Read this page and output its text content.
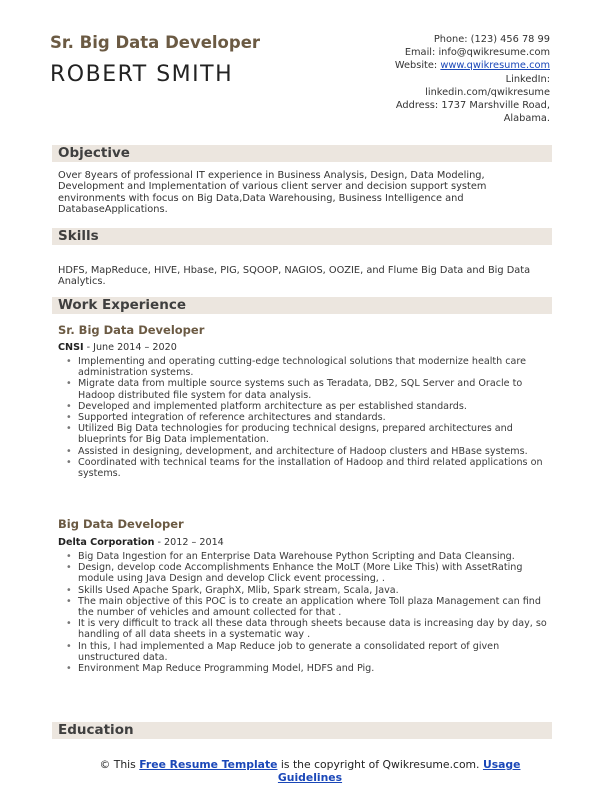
Sr. Big Data Developer
ROBERT SMITH
Phone: (123) 456 78 99
Email: info@qwikresume.com
Website: www.qwikresume.com
LinkedIn:
linkedin.com/qwikresume
Address: 1737 Marshville Road,
Alabama.
Objective
Over 8years of professional IT experience in Business Analysis, Design, Data Modeling, Development and Implementation of various client server and decision support system environments with focus on Big Data,Data Warehousing, Business Intelligence and DatabaseApplications.
Skills
HDFS, MapReduce, HIVE, Hbase, PIG, SQOOP, NAGIOS, OOZIE, and Flume Big Data and Big Data Analytics.
Work Experience
Sr. Big Data Developer
CNSI - June 2014 – 2020
• Implementing and operating cutting-edge technological solutions that modernize health care administration systems.
• Migrate data from multiple source systems such as Teradata, DB2, SQL Server and Oracle to Hadoop distributed file system for data analysis.
• Developed and implemented platform architecture as per established standards.
• Supported integration of reference architectures and standards.
• Utilized Big Data technologies for producing technical designs, prepared architectures and blueprints for Big Data implementation.
• Assisted in designing, development, and architecture of Hadoop clusters and HBase systems.
• Coordinated with technical teams for the installation of Hadoop and third related applications on systems.
Big Data Developer
Delta Corporation - 2012 – 2014
• Big Data Ingestion for an Enterprise Data Warehouse Python Scripting and Data Cleansing.
• Design, develop code Accomplishments Enhance the MoLT (More Like This) with AssetRating module using Java Design and develop Click event processing, .
• Skills Used Apache Spark, GraphX, Mlib, Spark stream, Scala, Java.
• The main objective of this POC is to create an application where Toll plaza Management can find the number of vehicles and amount collected for that .
• It is very difficult to track all these data through sheets because data is increasing day by day, so handling of all data sheets in a systematic way .
• In this, I had implemented a Map Reduce job to generate a consolidated report of given unstructured data.
• Environment Map Reduce Programming Model, HDFS and Pig.
Education
© This Free Resume Template is the copyright of Qwikresume.com. Usage
Guidelines
